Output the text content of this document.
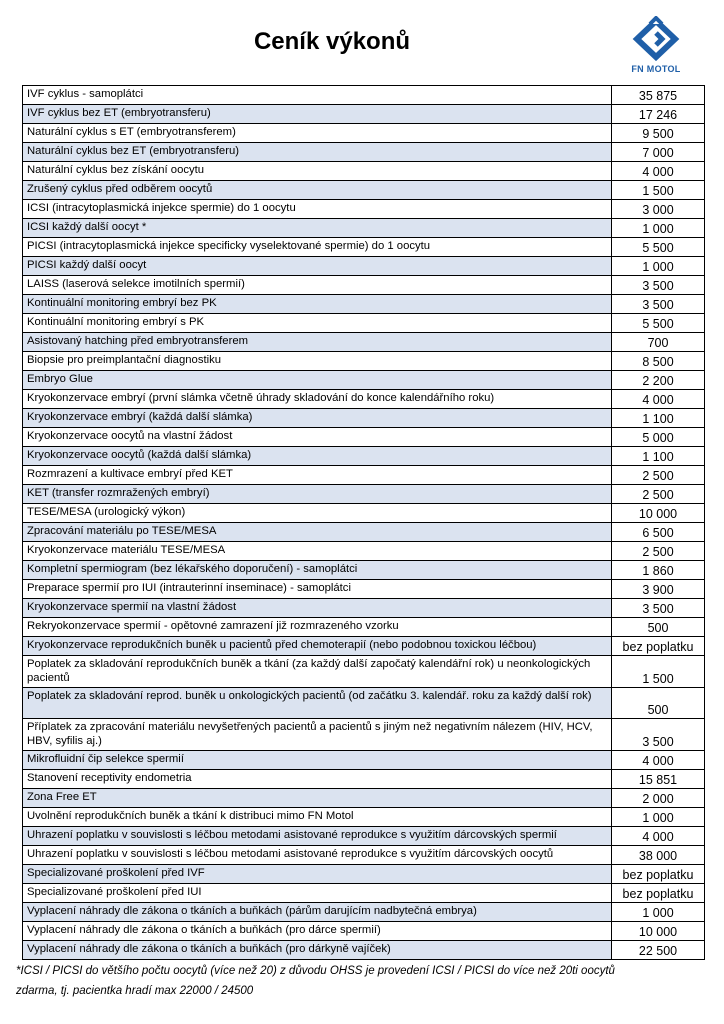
Ceník výkonů
FN MOTOL
IVF cyklus - samoplátci	35 875
IVF cyklus bez ET (embryotransferu)	17 246
Naturální cyklus s ET (embryotransferem)	9 500
Naturální cyklus bez ET (embryotransferu)	7 000
Naturální cyklus bez získání oocytu	4 000
Zrušený cyklus před odběrem oocytů	1 500
ICSI (intracytoplasmická injekce spermie) do 1 oocytu	3 000
ICSI každý další oocyt *	1 000
PICSI (intracytoplasmická injekce specificky vyselektované spermie) do 1 oocytu	5 500
PICSI každý další oocyt	1 000
LAISS (laserová selekce imotilních spermií)	3 500
Kontinuální monitoring embryí bez PK	3 500
Kontinuální monitoring embryí s PK	5 500
Asistovaný hatching před embryotransferem	700
Biopsie pro preimplantační diagnostiku	8 500
Embryo Glue	2 200
Kryokonzervace embryí (první slámka včetně úhrady skladování do konce kalendářního roku)	4 000
Kryokonzervace embryí (každá další slámka)	1 100
Kryokonzervace oocytů na vlastní žádost	5 000
Kryokonzervace oocytů (každá další slámka)	1 100
Rozmrazení a kultivace embryí před KET	2 500
KET (transfer rozmražených embryí)	2 500
TESE/MESA (urologický výkon)	10 000
Zpracování materiálu po TESE/MESA	6 500
Kryokonzervace materiálu TESE/MESA	2 500
Kompletní spermiogram (bez lékařského doporučení) - samoplátci	1 860
Preparace spermií pro IUI (intrauterinní inseminace) - samoplátci	3 900
Kryokonzervace spermií na vlastní žádost	3 500
Rekryokonzervace spermií - opětovné zamrazení již rozmrazeného vzorku	500
Kryokonzervace reprodukčních buněk u pacientů před chemoterapií (nebo podobnou toxickou léčbou)	bez poplatku
Poplatek za skladování reprodukčních buněk a tkání (za každý další započatý kalendářní rok) u neonkologických pacientů	1 500
Poplatek za skladování reprod. buněk u onkologických pacientů (od začátku 3. kalendář. roku za každý další rok)	500
Příplatek za zpracování materiálu nevyšetřených pacientů a pacientů s jiným než negativním nálezem (HIV, HCV, HBV, syfilis aj.)	3 500
Mikrofluidní čip selekce spermií	4 000
Stanovení receptivity endometria	15 851
Zona Free ET	2 000
Uvolnění reprodukčních buněk a tkání k distribuci mimo FN Motol	1 000
Uhrazení poplatku v souvislosti s léčbou metodami asistované reprodukce s využitím dárcovských spermií	4 000
Uhrazení poplatku v souvislosti s léčbou metodami asistované reprodukce s využitím dárcovských oocytů	38 000
Specializované proškolení před IVF	bez poplatku
Specializované proškolení před IUI	bez poplatku
Vyplacení náhrady dle zákona o tkáních a buňkách (párům darujícím nadbytečná embrya)	1 000
Vyplacení náhrady dle zákona o tkáních a buňkách (pro dárce spermií)	10 000
Vyplacení náhrady dle zákona o tkáních a buňkách (pro dárkyně vajíček)	22 500
*ICSI / PICSI do většího počtu oocytů (více než 20) z důvodu OHSS je provedení ICSI / PICSI do více než 20ti oocytů
zdarma, tj. pacientka hradí max 22000 / 24500
